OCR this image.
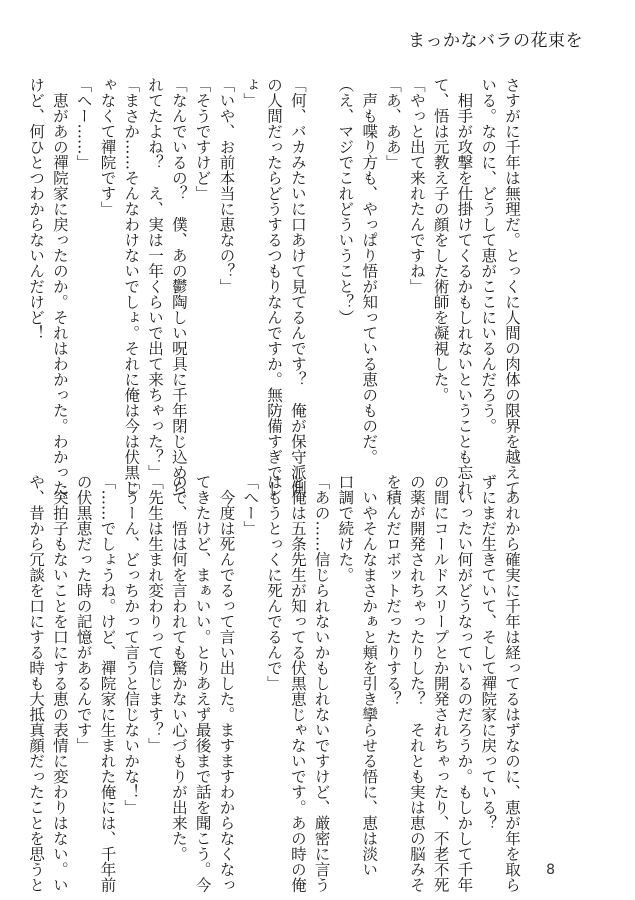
まっかなバラの花束を

さすがに千年は無理だ。とっくに人間の肉体の限界を越えて

いる。なのに、どうして恵がここにいるんだろう。

　相手が攻撃を仕掛けてくるかもしれないということも忘れ

て、悟は元教え子の顔をした術師を凝視した。

「やっと出て来れたんですね」

「あ、ああ」

　声も喋り方も、やっぱり悟が知っている恵のものだ。

（え、マジでこれどういうこと？）

「何、バカみたいに口あけて見てるんです？　俺が保守派側

の人間だったらどうするつもりなんですか。無防備すぎでし

ょ」

「いや、お前本当に恵なの？」

「そうですけど」

「なんでいるの？　僕、あの鬱陶しい呪具に千年閉じ込めら

れてたよね？　え、実は一年くらいで出て来ちゃった？」

「まさか……そんなわけないでしょ。それに俺は今は伏黒じ

ゃなくて禪院です」

「へー……」

　恵があの禪院家に戻ったのか。それはわかった。わかった

けど、何ひとつわからないんだけど！

　あれから確実に千年は経ってるはずなのに、恵が年を取ら

ずにまだ生きていて、そして禪院家に戻っている？

　いったい何がどうなっているのだろうか。もしかして千年

の間にコールドスリープとか開発されちゃったり、不老不死

の薬が開発されちゃったりした？　それとも実は恵の脳みそ

を積んだロボットだったりする？

　いやそんなまさかぁと頬を引き攣らせる悟に、恵は淡い

口調で続けた。

「あの……信じられないかもしれないですけど、厳密に言う

と俺は五条先生が知ってる伏黒恵じゃないです。あの時の俺

はもうとっくに死んでるんで」

「へー」

　今度は死んでるって言い出した。ますますわからなくなっ

てきたけど、まぁいい。とりあえず最後まで話を聞こう。今

ので、悟は何を言われても驚かない心づもりが出来た。

「先生は生まれ変わりって信じます？」

「うーん、どっちかって言うと信じないかな！」

「……でしょうね。けど、禪院家に生まれた俺には、千年前

の伏黒恵だった時の記憶があるんです」

　突拍子もないことを口にする恵の表情に変わりはない。い

や、昔から冗談を口にする時も大抵真顔だったことを思うと	8
